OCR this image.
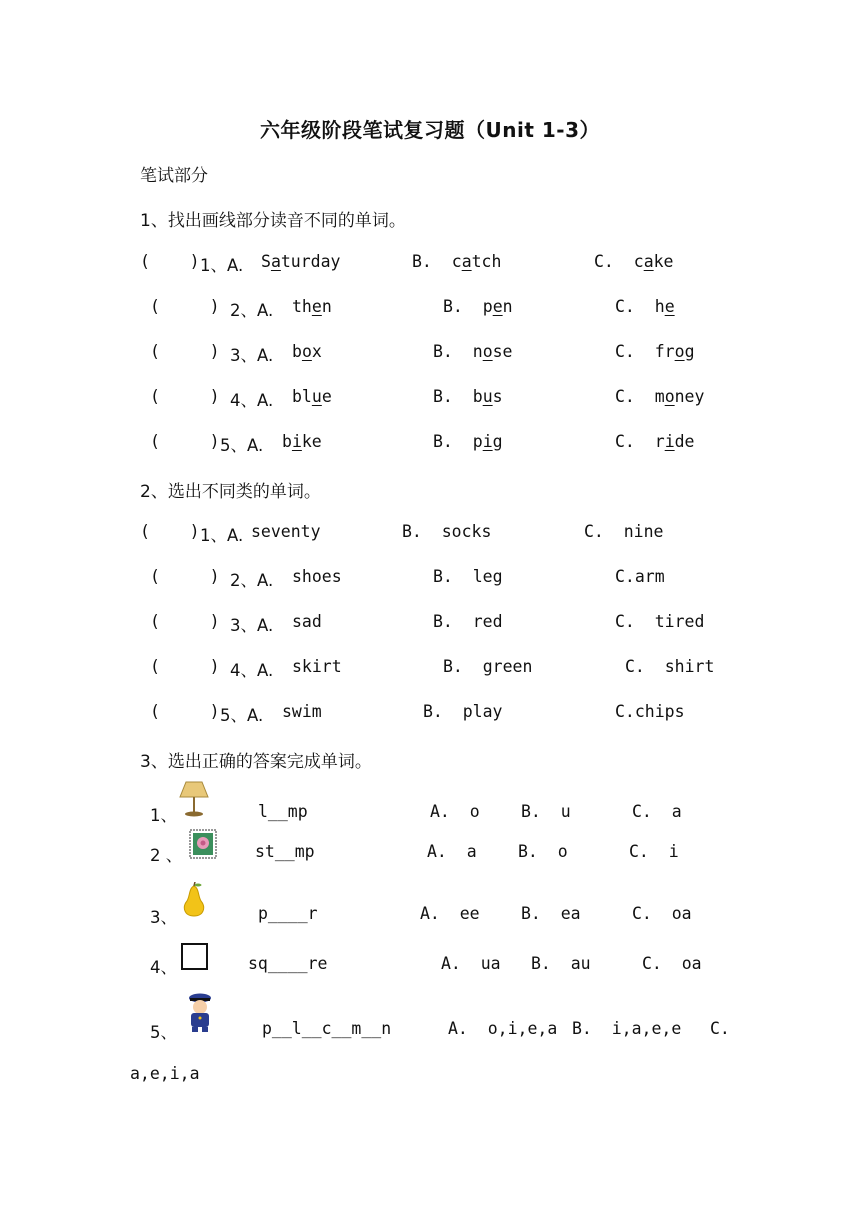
六年级阶段笔试复习题（Unit 1-3）
笔试部分
1、找出画线部分读音不同的单词。
(    ) 1、A. Saturday	B. catch	C. cake
(     ) 2、A. then	B. pen	C. he
(     ) 3、A. box	B. nose	C. frog
(     ) 4、A. blue	B. bus	C. money
(     ) 5、A. bike	B. pig	C. ride
2、选出不同类的单词。
(    ) 1、A. seventy	B.  socks	C.  nine
(     ) 2、A. shoes	B.  leg	C.arm
(     ) 3、A. sad	B.  red	C.  tired
(     ) 4、A. skirt	B.  green	C.  shirt
(     ) 5、A. swim	B.  play	C.chips
3、选出正确的答案完成单词。
1、	l__mp	A.  o	B.  u	C.  a
2 、	st__mp	A.  a	B.  o	C.  i
3、	p____r	A.  ee	B.  ea	C.  oa
4、	sq____re	A.  ua B.  au	C.  oa
5、	p__l__c__m__n	A.  o,i,e,a B.  i,a,e,e C.
a,e,i,a
